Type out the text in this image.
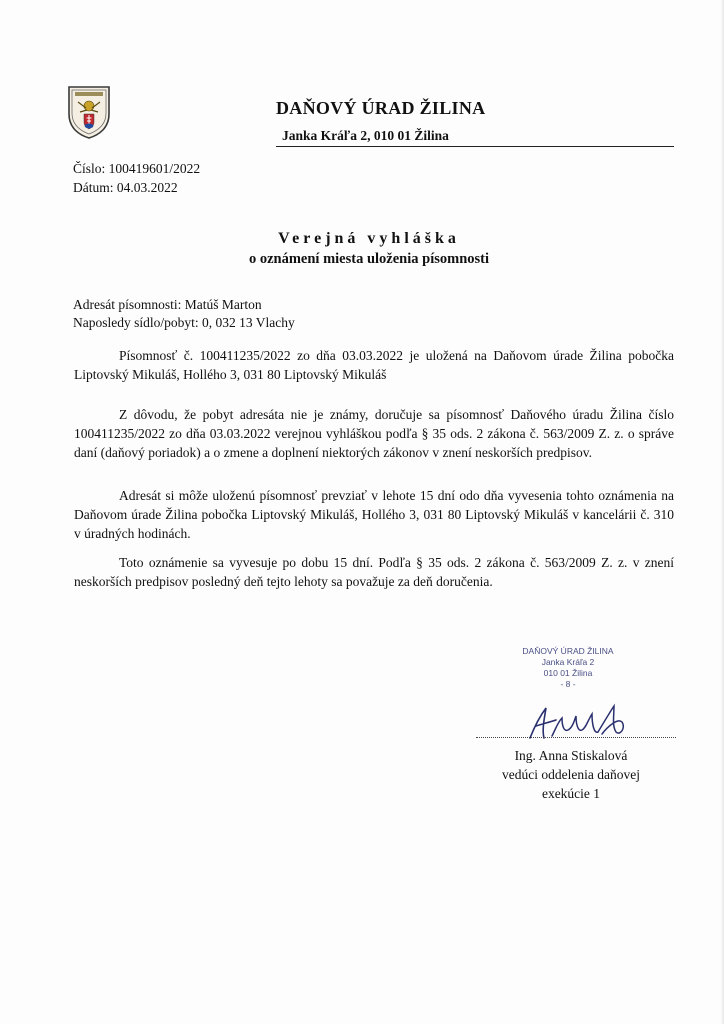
DAŇOVÝ ÚRAD ŽILINA
Janka Kráľa 2, 010 01 Žilina
Číslo: 100419601/2022
Dátum: 04.03.2022
Verejná vyhláška
o oznámení miesta uloženia písomnosti
Adresát písomnosti: Matúš Marton
Naposledy sídlo/pobyt: 0, 032 13 Vlachy
Písomnosť č. 100411235/2022 zo dňa 03.03.2022 je uložená na Daňovom úrade Žilina pobočka Liptovský Mikuláš, Hollého 3, 031 80 Liptovský Mikuláš
Z dôvodu, že pobyt adresáta nie je známy, doručuje sa písomnosť Daňového úradu Žilina číslo 100411235/2022 zo dňa 03.03.2022 verejnou vyhláškou podľa § 35 ods. 2 zákona č. 563/2009 Z. z. o správe daní (daňový poriadok) a o zmene a doplnení niektorých zákonov v znení neskorších predpisov.
Adresát si môže uloženú písomnosť prevziať v lehote 15 dní odo dňa vyvesenia tohto oznámenia na Daňovom úrade Žilina pobočka Liptovský Mikuláš, Hollého 3, 031 80 Liptovský Mikuláš v kancelárii č. 310 v úradných hodinách.
Toto oznámenie sa vyvesuje po dobu 15 dní. Podľa § 35 ods. 2 zákona č. 563/2009 Z. z. v znení neskorších predpisov posledný deň tejto lehoty sa považuje za deň doručenia.
DAŇOVÝ ÚRAD ŽILINA
Janka Kráľa 2
010 01 Žilina
- 8 -
Ing. Anna Stiskalová
vedúci oddelenia daňovej
exekúcie 1
